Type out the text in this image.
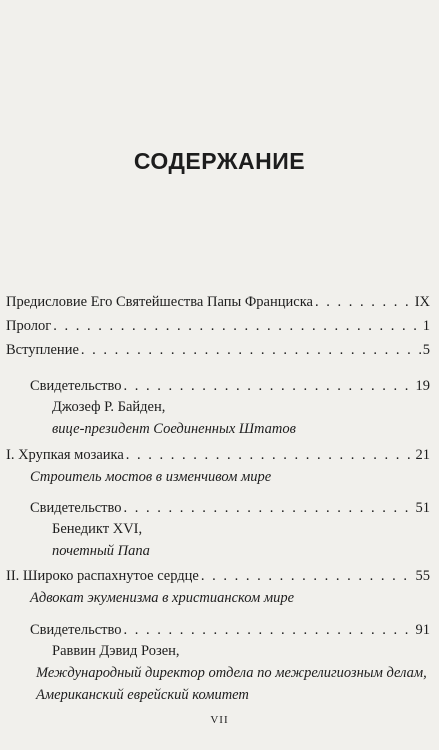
СОДЕРЖАНИЕ
Предисловие Его Святейшества Папы Франциска . . .	IX
Пролог . . .	1
Вступление . . .	5
Свидетельство . . .	19
Джозеф Р. Байден,
вице-президент Соединенных Штатов
I. Хрупкая мозаика . . .	21
Строитель мостов в изменчивом мире
Свидетельство . . .	51
Бенедикт XVI,
почетный Папа
II. Широко распахнутое сердце . . .	55
Адвокат экуменизма в христианском мире
Свидетельство . . .	91
Раввин Дэвид Розен,
Международный директор отдела по межрелигиозным делам,
Американский еврейский комитет
VII
